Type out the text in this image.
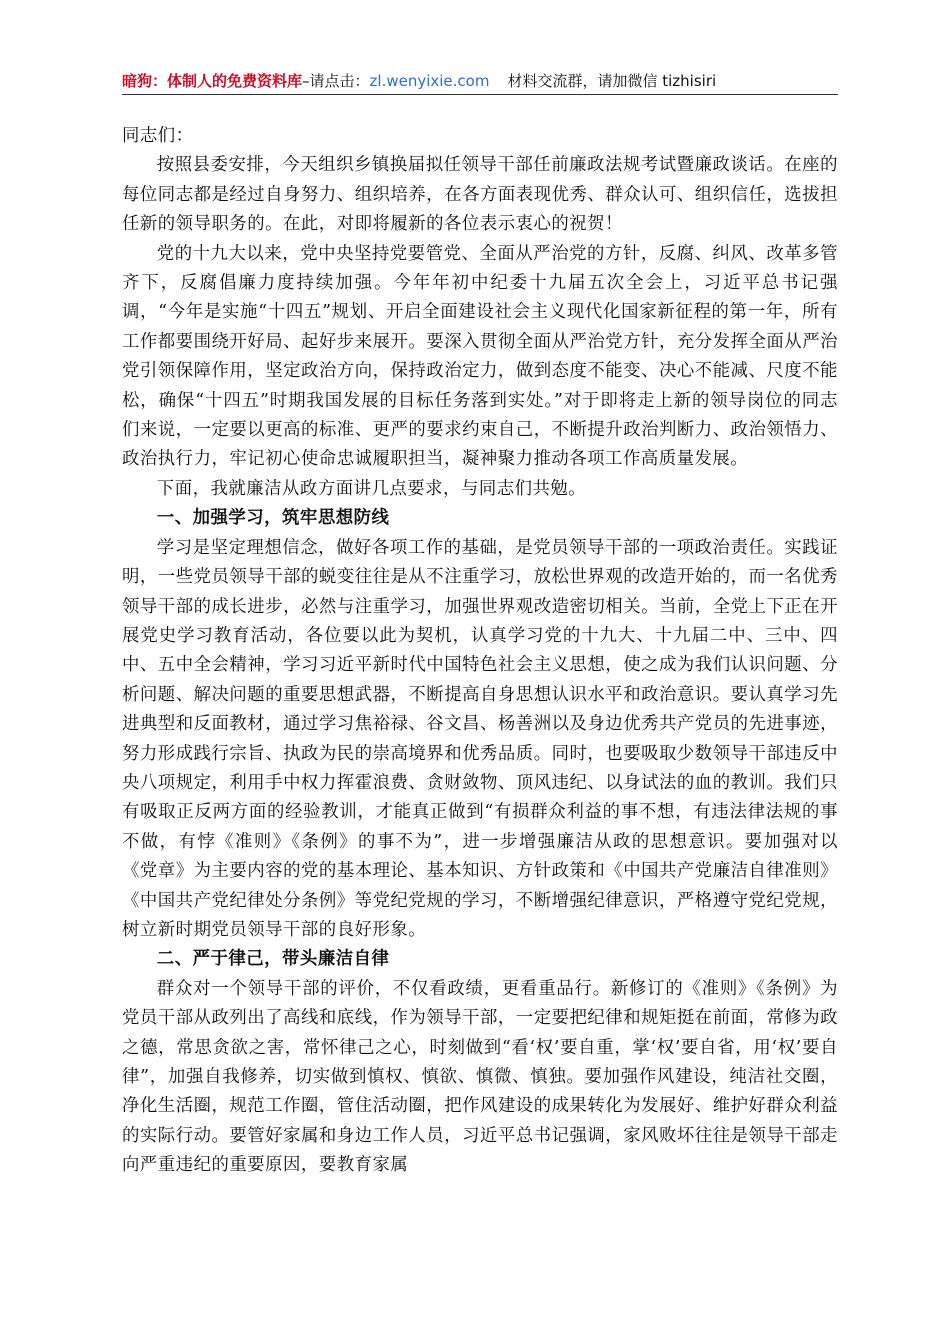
暗狗：体制人的免费资料库–请点击：zl.wenyixie.com 材料交流群，请加微信 tizhisiri

同志们：

按照县委安排，今天组织乡镇换届拟任领导干部任前廉政法规考试暨廉政谈话。在座的每位同志都是经过自身努力、组织培养，在各方面表现优秀、群众认可、组织信任，选拔担任新的领导职务的。在此，对即将履新的各位表示衷心的祝贺！

党的十九大以来，党中央坚持党要管党、全面从严治党的方针，反腐、纠风、改革多管齐下，反腐倡廉力度持续加强。今年年初中纪委十九届五次全会上，习近平总书记强调，“今年是实施“十四五”规划、开启全面建设社会主义现代化国家新征程的第一年，所有工作都要围绕开好局、起好步来展开。要深入贯彻全面从严治党方针，充分发挥全面从严治党引领保障作用，坚定政治方向，保持政治定力，做到态度不能变、决心不能减、尺度不能松，确保“十四五”时期我国发展的目标任务落到实处。”对于即将走上新的领导岗位的同志们来说，一定要以更高的标准、更严的要求约束自己，不断提升政治判断力、政治领悟力、政治执行力，牢记初心使命忠诚履职担当，凝神聚力推动各项工作高质量发展。

下面，我就廉洁从政方面讲几点要求，与同志们共勉。

一、加强学习，筑牢思想防线

学习是坚定理想信念，做好各项工作的基础，是党员领导干部的一项政治责任。实践证明，一些党员领导干部的蜕变往往是从不注重学习，放松世界观的改造开始的，而一名优秀领导干部的成长进步，必然与注重学习，加强世界观改造密切相关。当前，全党上下正在开展党史学习教育活动，各位要以此为契机，认真学习党的十九大、十九届二中、三中、四中、五中全会精神，学习习近平新时代中国特色社会主义思想，使之成为我们认识问题、分析问题、解决问题的重要思想武器，不断提高自身思想认识水平和政治意识。要认真学习先进典型和反面教材，通过学习焦裕禄、谷文昌、杨善洲以及身边优秀共产党员的先进事迹，努力形成践行宗旨、执政为民的崇高境界和优秀品质。同时，也要吸取少数领导干部违反中央八项规定，利用手中权力挥霍浪费、贪财敛物、顶风违纪、以身试法的血的教训。我们只有吸取正反两方面的经验教训，才能真正做到“有损群众利益的事不想，有违法律法规的事不做，有悖《准则》《条例》的事不为”，进一步增强廉洁从政的思想意识。要加强对以《党章》为主要内容的党的基本理论、基本知识、方针政策和《中国共产党廉洁自律准则》《中国共产党纪律处分条例》等党纪党规的学习，不断增强纪律意识，严格遵守党纪党规，树立新时期党员领导干部的良好形象。

二、严于律己，带头廉洁自律

群众对一个领导干部的评价，不仅看政绩，更看重品行。新修订的《准则》《条例》为党员干部从政列出了高线和底线，作为领导干部，一定要把纪律和规矩挺在前面，常修为政之德，常思贪欲之害，常怀律己之心，时刻做到“看‘权’要自重，掌‘权’要自省，用‘权’要自律”，加强自我修养，切实做到慎权、慎欲、慎微、慎独。要加强作风建设，纯洁社交圈，净化生活圈，规范工作圈，管住活动圈，把作风建设的成果转化为发展好、维护好群众利益的实际行动。要管好家属和身边工作人员，习近平总书记强调，家风败坏往往是领导干部走向严重违纪的重要原因，要教育家属
